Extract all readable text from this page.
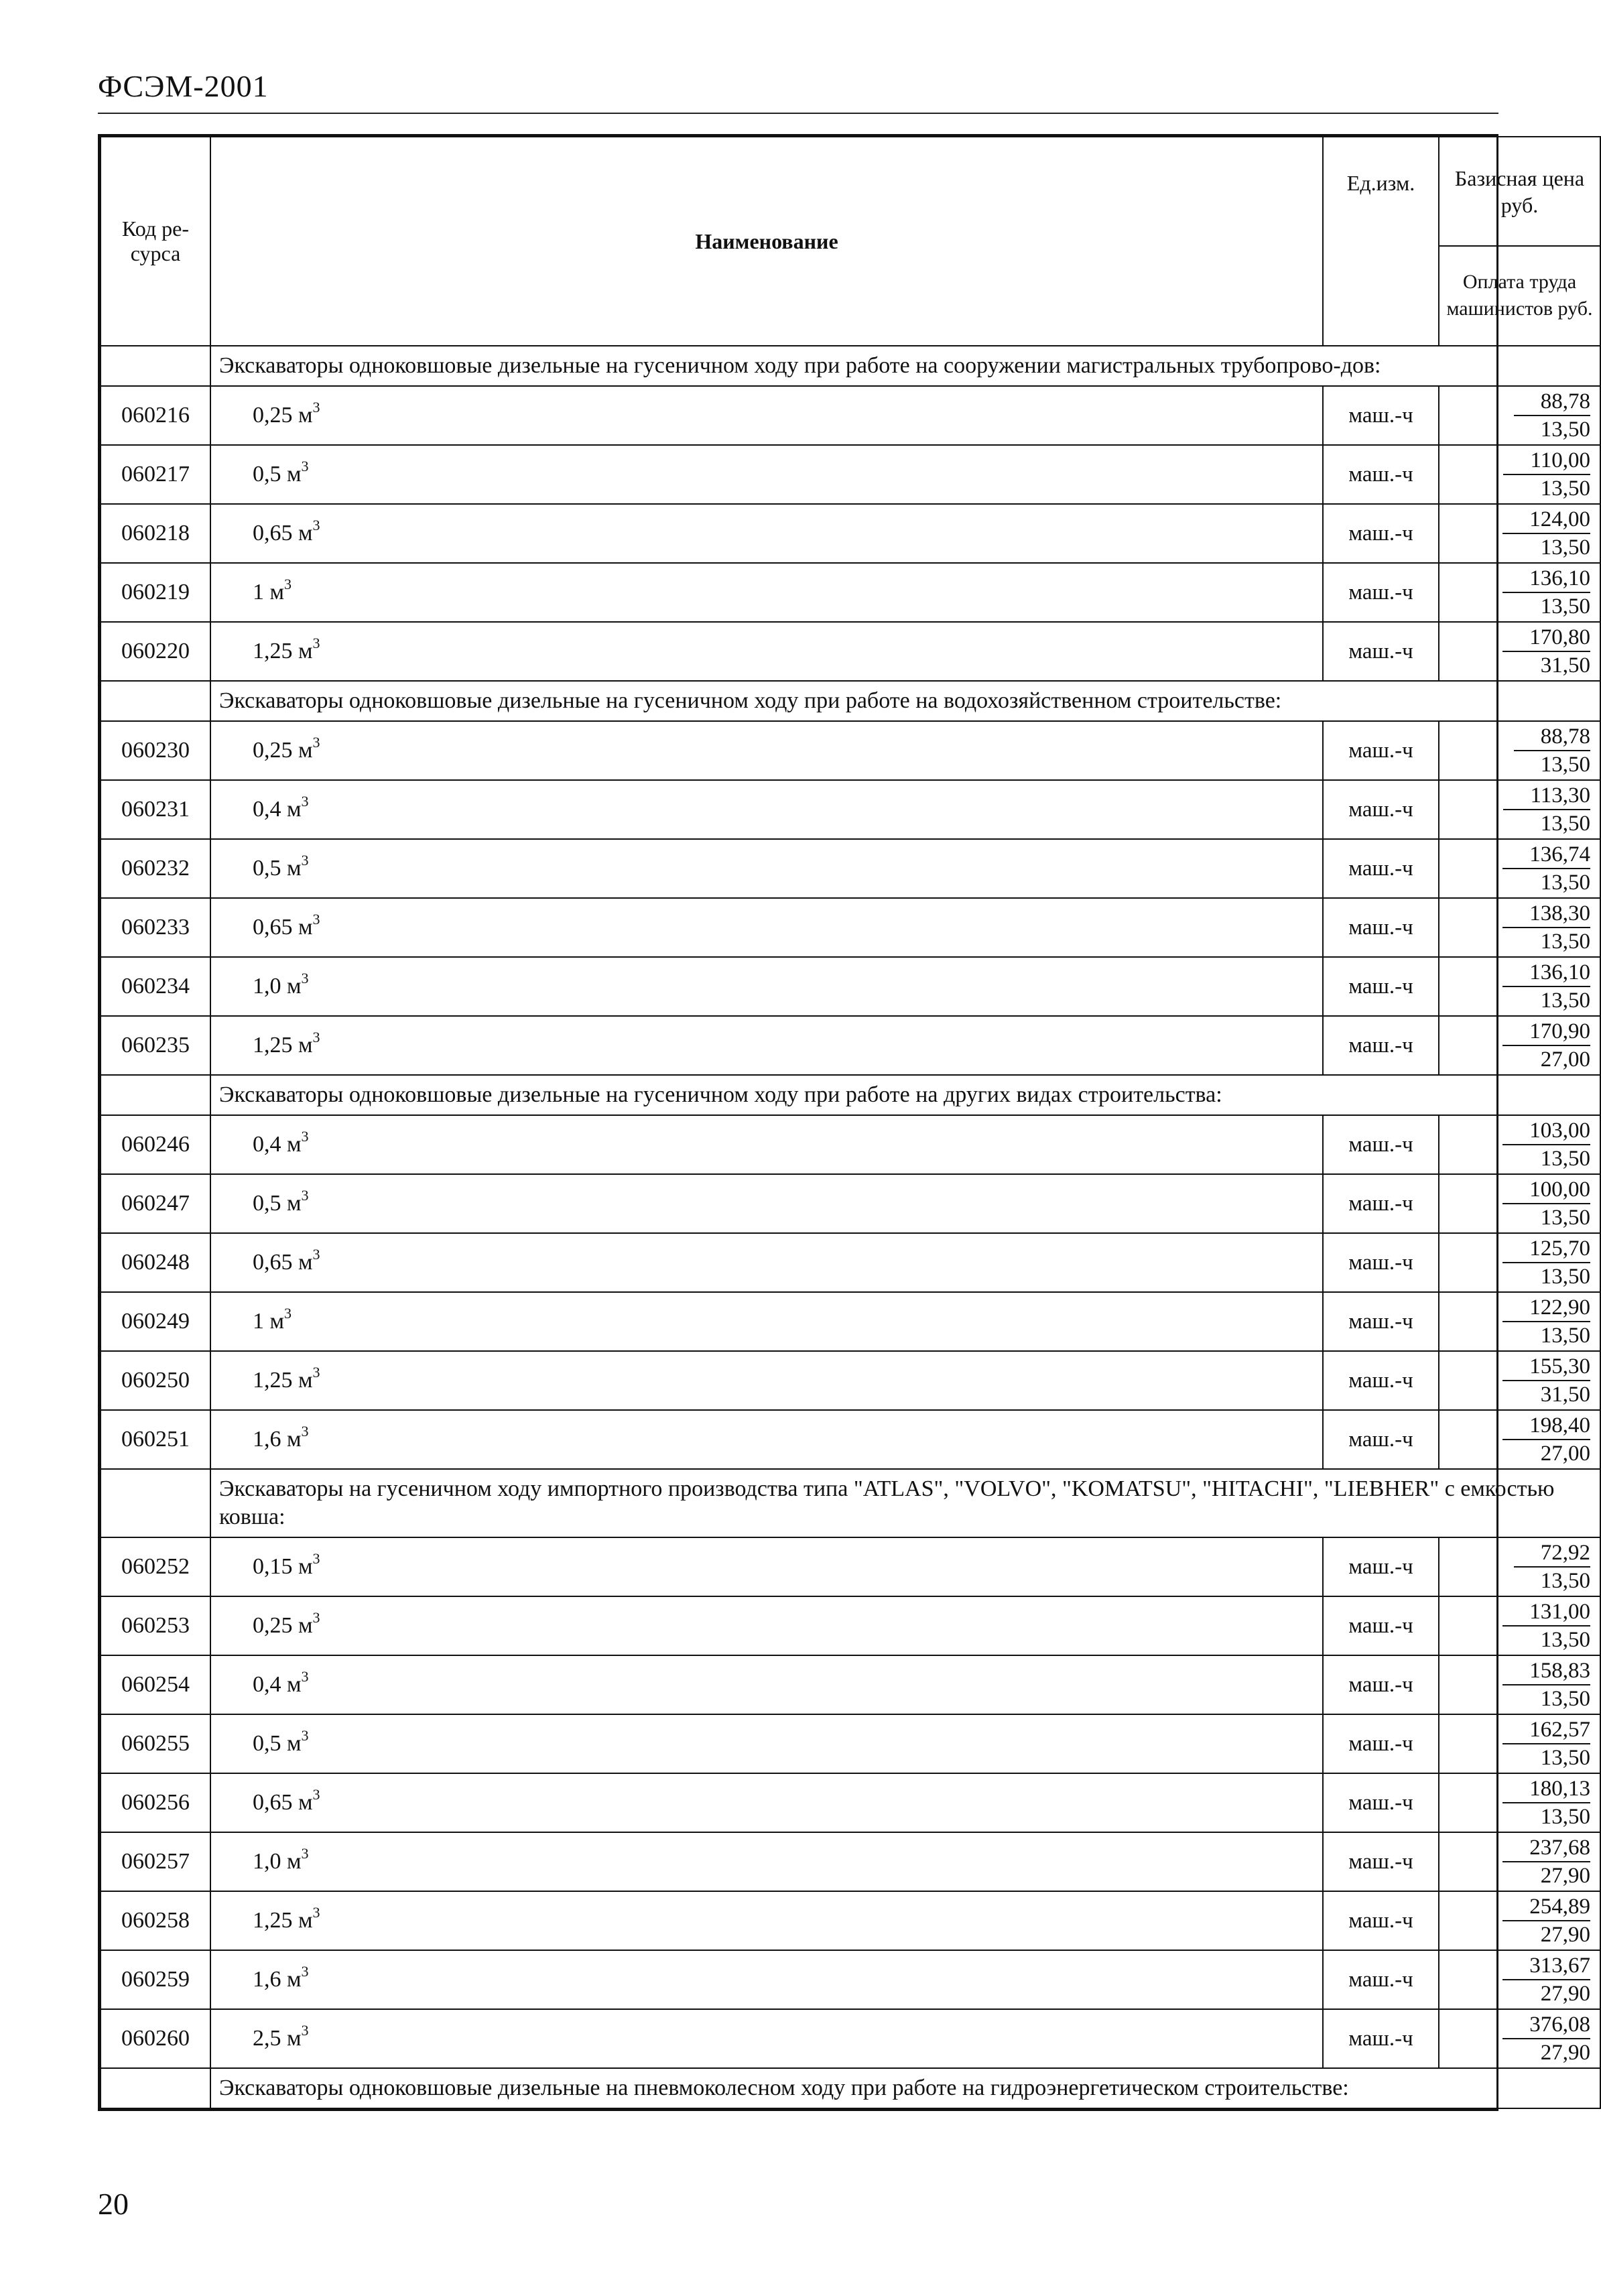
ФСЭМ-2001
Код ре-сурса	Наименование	Ед.изм.	Базисная цена руб.
Оплата труда машинистов руб.

	Экскаваторы одноковшовые дизельные на гусеничном ходу при работе на сооружении магистральных трубопрово-дов:		
060216	0,25 $м^3$	маш.-ч	88,78
13,50

060217	0,5 $м^3$	маш.-ч	110,00
13,50

060218	0,65 $м^3$	маш.-ч	124,00
13,50

060219	1 $м^3$	маш.-ч	136,10
13,50

060220	1,25 $м^3$	маш.-ч	170,80
31,50

	Экскаваторы одноковшовые дизельные на гусеничном ходу при работе на водохозяйственном строительстве:		
060230	0,25 $м^3$	маш.-ч	88,78
13,50

060231	0,4 $м^3$	маш.-ч	113,30
13,50

060232	0,5 $м^3$	маш.-ч	136,74
13,50

060233	0,65 $м^3$	маш.-ч	138,30
13,50

060234	1,0 $м^3$	маш.-ч	136,10
13,50

060235	1,25 $м^3$	маш.-ч	170,90
27,00

	Экскаваторы одноковшовые дизельные на гусеничном ходу при работе на других видах строительства:		
060246	0,4 $м^3$	маш.-ч	103,00
13,50

060247	0,5 $м^3$	маш.-ч	100,00
13,50

060248	0,65 $м^3$	маш.-ч	125,70
13,50

060249	1 $м^3$	маш.-ч	122,90
13,50

060250	1,25 $м^3$	маш.-ч	155,30
31,50

060251	1,6 $м^3$	маш.-ч	198,40
27,00

	Экскаваторы на гусеничном ходу импортного производства типа "ATLAS", "VOLVO", "KOMATSU", "HITACHI", "LIEBHER" с емкостью ковша:		
060252	0,15 $м^3$	маш.-ч	72,92
13,50

060253	0,25 $м^3$	маш.-ч	131,00
13,50

060254	0,4 $м^3$	маш.-ч	158,83
13,50

060255	0,5 $м^3$	маш.-ч	162,57
13,50

060256	0,65 $м^3$	маш.-ч	180,13
13,50

060257	1,0 $м^3$	маш.-ч	237,68
27,90

060258	1,25 $м^3$	маш.-ч	254,89
27,90

060259	1,6 $м^3$	маш.-ч	313,67
27,90

060260	2,5 $м^3$	маш.-ч	376,08
27,90

	Экскаваторы одноковшовые дизельные на пневмоколесном ходу при работе на гидроэнергетическом строительстве:		
20
